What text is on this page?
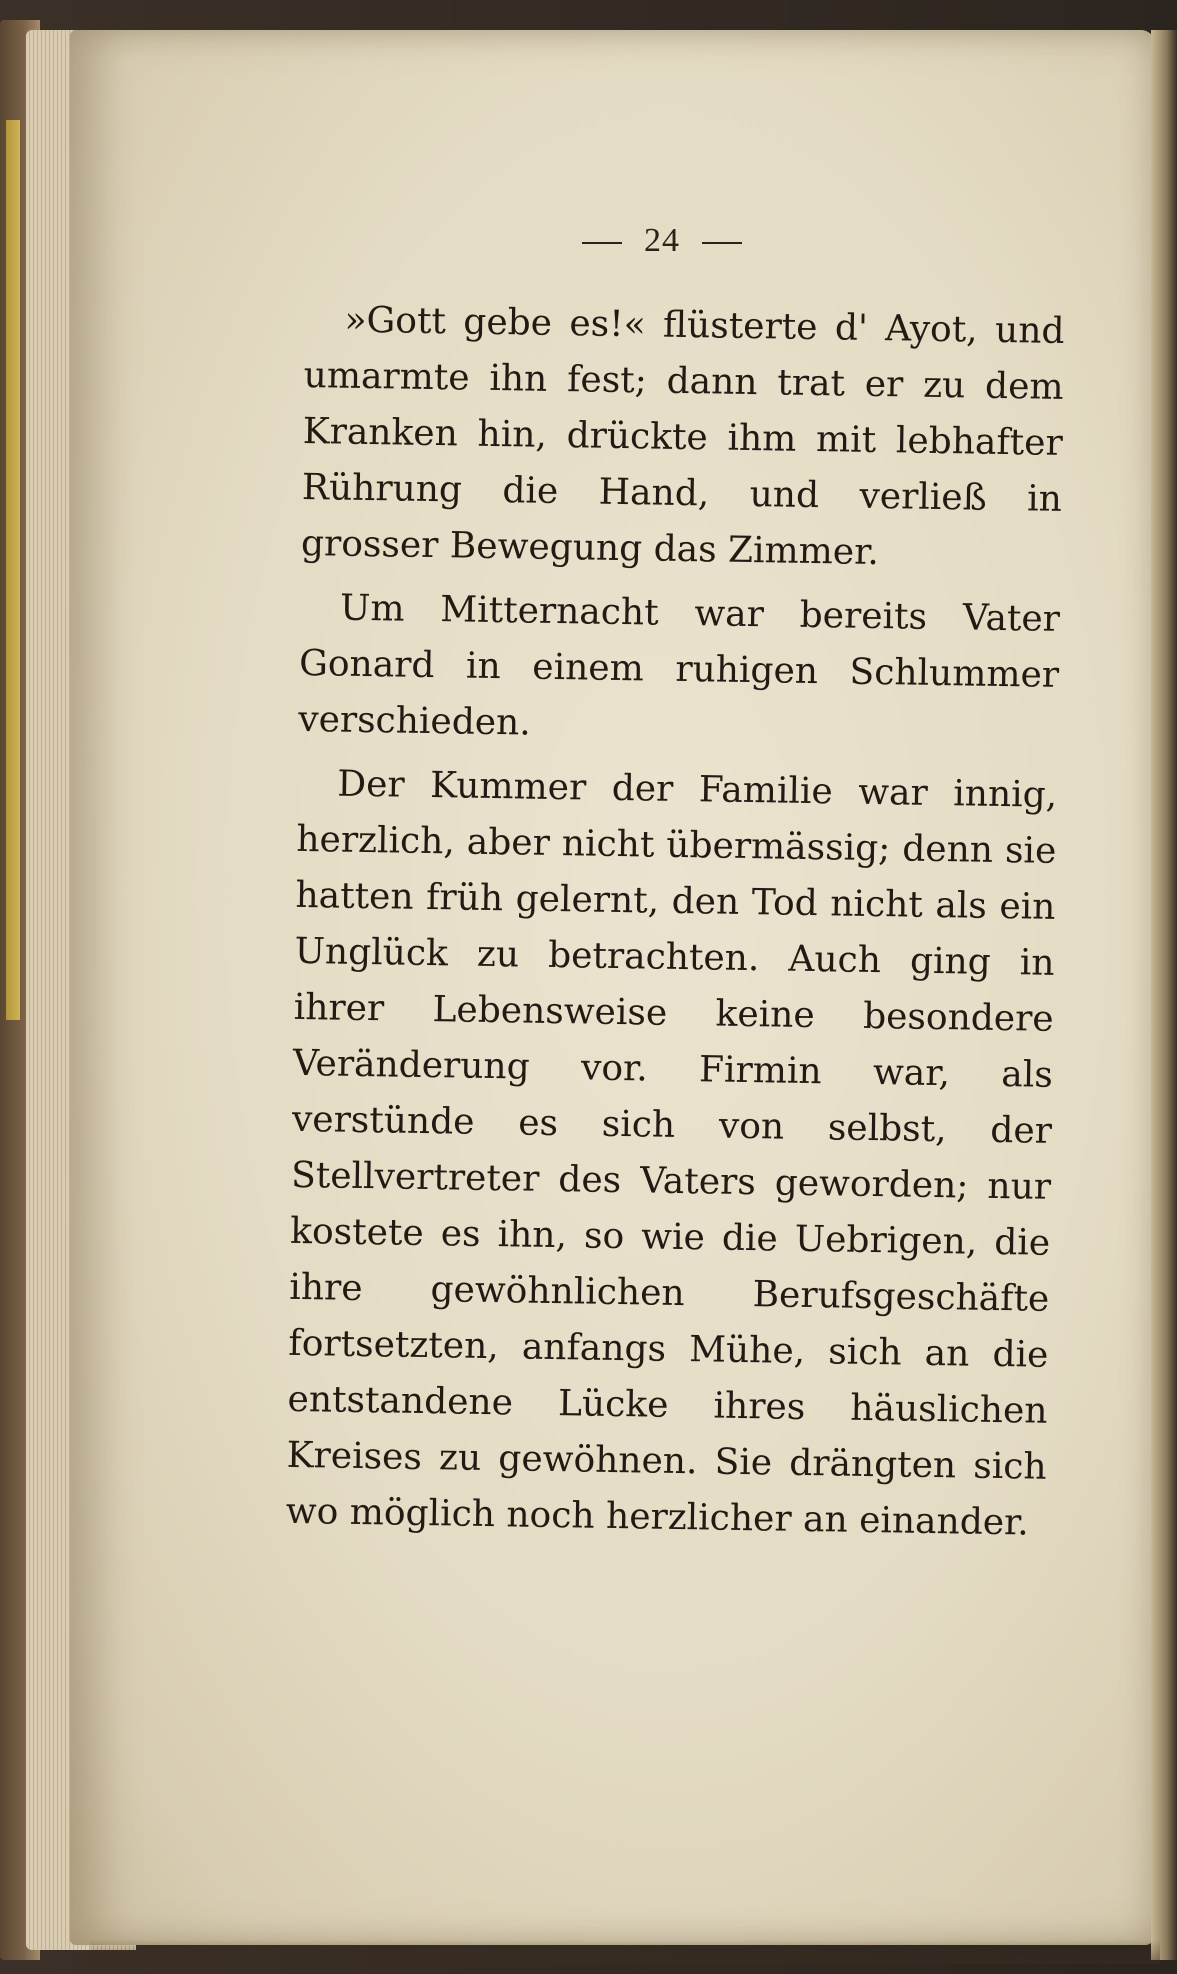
24

»Gott gebe es!« flüsterte d' Ayot, und umarmte ihn fest; dann trat er zu dem Kranken hin, drückte ihm mit lebhafter Rührung die Hand, und verließ in grosser Bewegung das Zimmer.

Um Mitternacht war bereits Vater Gonard in einem ruhigen Schlummer verschieden.

Der Kummer der Familie war innig, herzlich, aber nicht übermässig; denn sie hatten früh gelernt, den Tod nicht als ein Unglück zu betrachten. Auch ging in ihrer Lebensweise keine besondere Veränderung vor. Firmin war, als verstünde es sich von selbst, der Stellvertreter des Vaters geworden; nur kostete es ihn, so wie die Uebrigen, die ihre gewöhnlichen Berufsgeschäfte fortsetzten, anfangs Mühe, sich an die entstandene Lücke ihres häuslichen Kreises zu gewöhnen. Sie drängten sich wo möglich noch herzlicher an einander.
